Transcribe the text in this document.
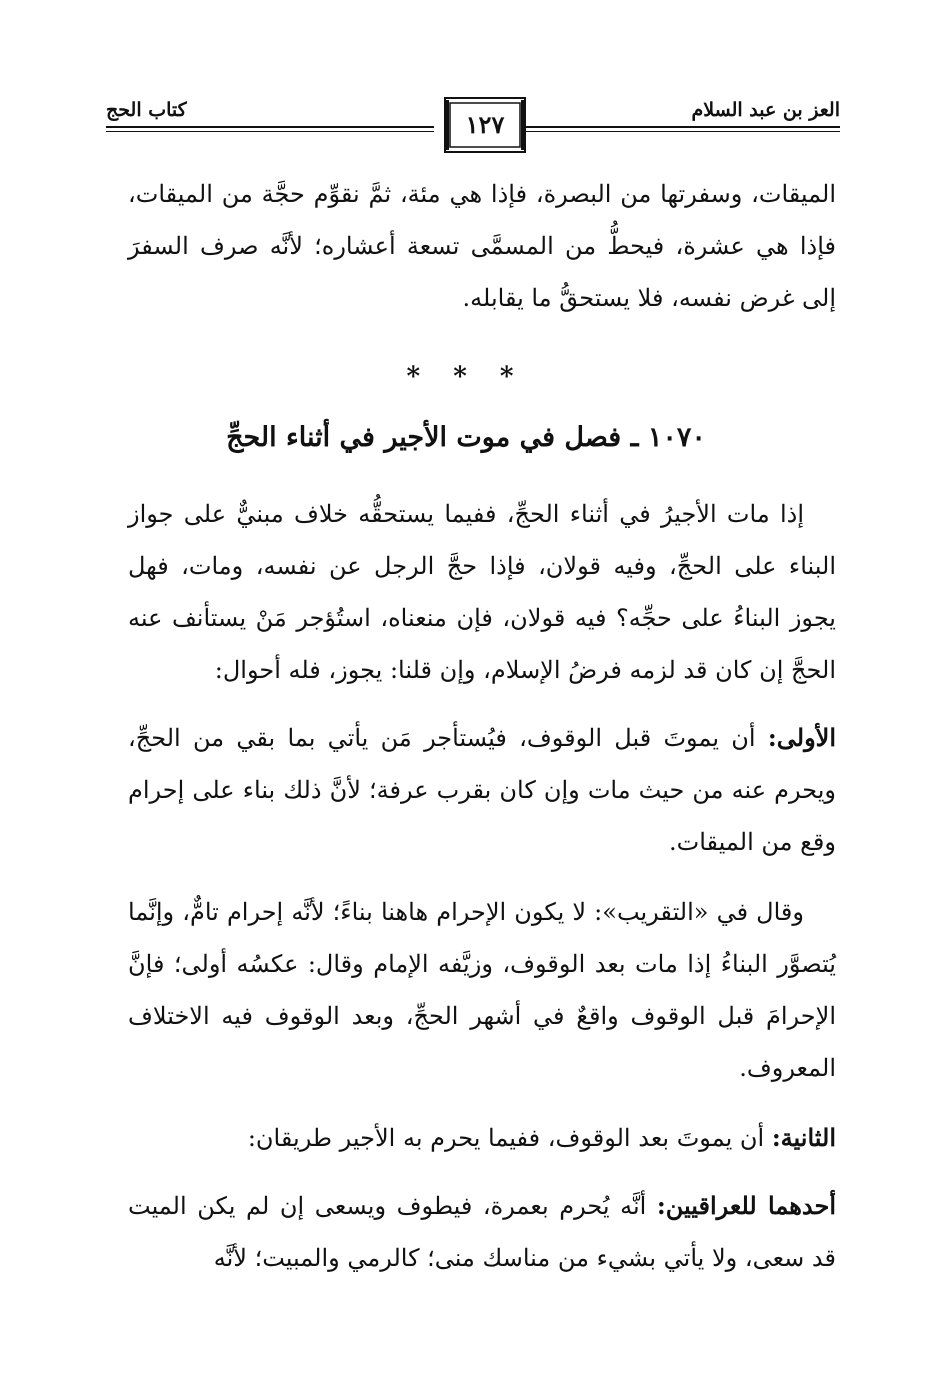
العز بن عبد السلام
كتاب الحج	١٢٧
الميقات، وسفرتها من البصرة، فإذا هي مئة، ثمَّ نقوِّم حجَّة من الميقات، فإذا هي عشرة، فيحطُّ من المسمَّى تسعة أعشاره؛ لأنَّه صرف السفرَ إلى غرض نفسه، فلا يستحقُّ ما يقابله.
* * *
١٠٧٠ ـ فصل في موت الأجير في أثناء الحجِّ
إذا مات الأجيرُ في أثناء الحجِّ، ففيما يستحقُّه خلاف مبنيٌّ على جواز البناء على الحجِّ، وفيه قولان، فإذا حجَّ الرجل عن نفسه، ومات، فهل يجوز البناءُ على حجِّه؟ فيه قولان، فإن منعناه، استُؤجر مَنْ يستأنف عنه الحجَّ إن كان قد لزمه فرضُ الإسلام، وإن قلنا: يجوز، فله أحوال:
الأولى: أن يموتَ قبل الوقوف، فيُستأجر مَن يأتي بما بقي من الحجِّ، ويحرم عنه من حيث مات وإن كان بقرب عرفة؛ لأنَّ ذلك بناء على إحرام وقع من الميقات.
وقال في «التقريب»: لا يكون الإحرام هاهنا بناءً؛ لأنَّه إحرام تامٌّ، وإنَّما يُتصوَّر البناءُ إذا مات بعد الوقوف، وزيَّفه الإمام وقال: عكسُه أولى؛ فإنَّ الإحرامَ قبل الوقوف واقعٌ في أشهر الحجِّ، وبعد الوقوف فيه الاختلاف المعروف.
الثانية: أن يموتَ بعد الوقوف، ففيما يحرم به الأجير طريقان:
أحدهما للعراقيين: أنَّه يُحرم بعمرة، فيطوف ويسعى إن لم يكن الميت قد سعى، ولا يأتي بشيء من مناسك منى؛ كالرمي والمبيت؛ لأنَّه
